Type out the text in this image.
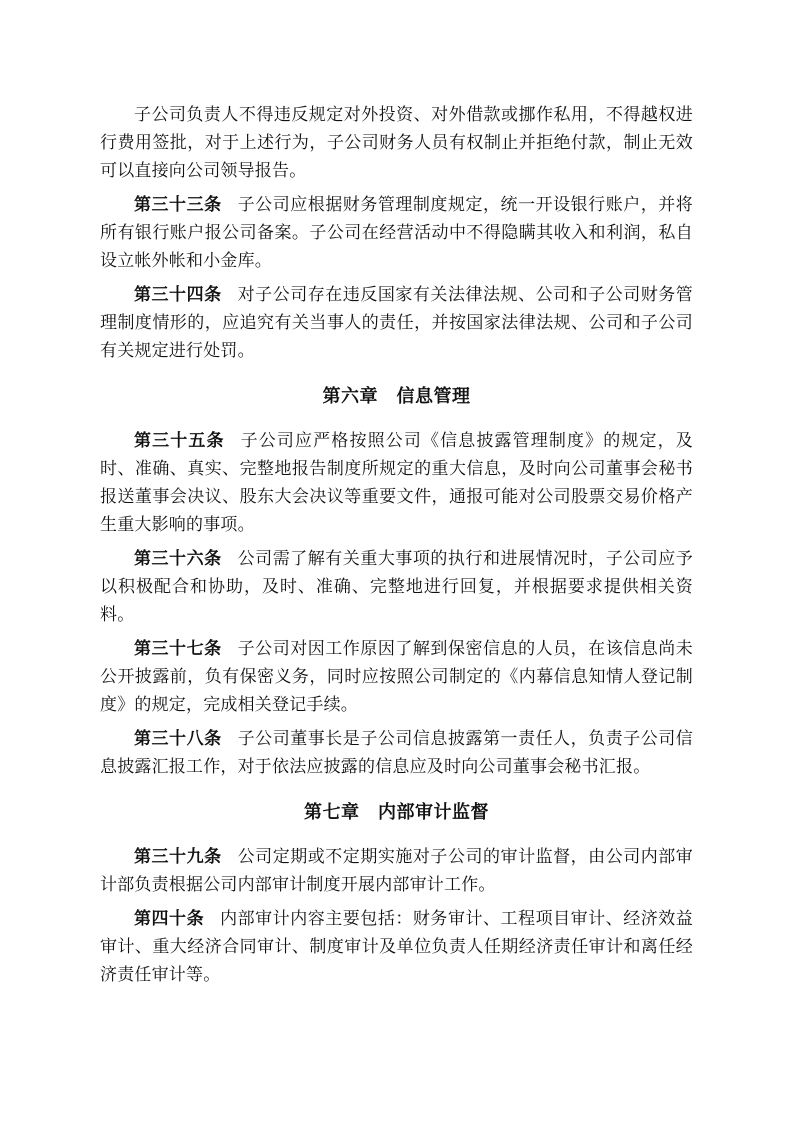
子公司负责人不得违反规定对外投资、对外借款或挪作私用，不得越权进行费用签批，对于上述行为，子公司财务人员有权制止并拒绝付款，制止无效可以直接向公司领导报告。

第三十三条 子公司应根据财务管理制度规定，统一开设银行账户，并将所有银行账户报公司备案。子公司在经营活动中不得隐瞒其收入和利润，私自设立帐外帐和小金库。

第三十四条 对子公司存在违反国家有关法律法规、公司和子公司财务管理制度情形的，应追究有关当事人的责任，并按国家法律法规、公司和子公司有关规定进行处罚。

第六章　信息管理

第三十五条 子公司应严格按照公司《信息披露管理制度》的规定，及时、准确、真实、完整地报告制度所规定的重大信息，及时向公司董事会秘书报送董事会决议、股东大会决议等重要文件，通报可能对公司股票交易价格产生重大影响的事项。

第三十六条 公司需了解有关重大事项的执行和进展情况时，子公司应予以积极配合和协助，及时、准确、完整地进行回复，并根据要求提供相关资料。

第三十七条 子公司对因工作原因了解到保密信息的人员，在该信息尚未公开披露前，负有保密义务，同时应按照公司制定的《内幕信息知情人登记制度》的规定，完成相关登记手续。

第三十八条 子公司董事长是子公司信息披露第一责任人，负责子公司信息披露汇报工作，对于依法应披露的信息应及时向公司董事会秘书汇报。

第七章　内部审计监督

第三十九条 公司定期或不定期实施对子公司的审计监督，由公司内部审计部负责根据公司内部审计制度开展内部审计工作。

第四十条 内部审计内容主要包括：财务审计、工程项目审计、经济效益审计、重大经济合同审计、制度审计及单位负责人任期经济责任审计和离任经济责任审计等。
